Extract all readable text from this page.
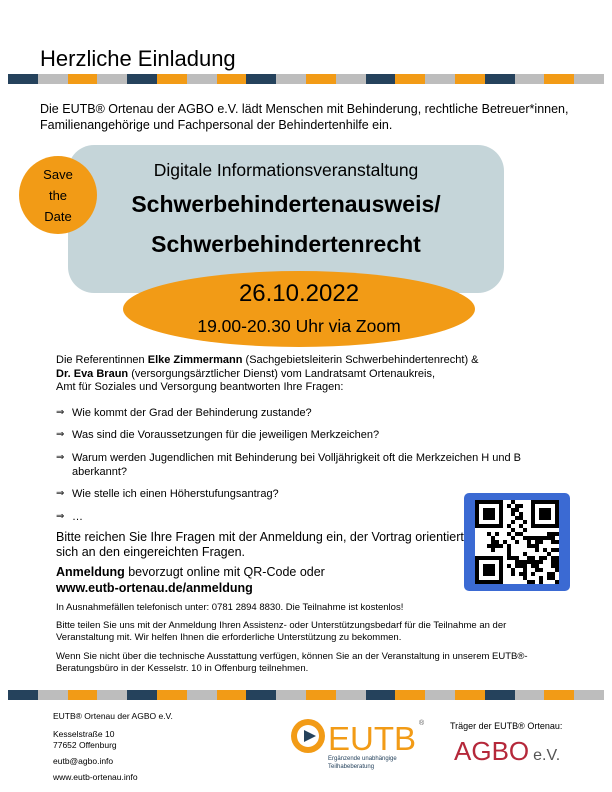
Herzliche Einladung

Die EUTB® Ortenau der AGBO e.V. lädt Menschen mit Behinderung, rechtliche Betreuer*innen, Familienangehörige und Fachpersonal der Behindertenhilfe ein.

Digitale Informationsveranstaltung
Schwerbehindertenausweis/
Schwerbehindertenrecht
Save
the
Date
26.10.2022
19.00-20.30 Uhr via Zoom
Die Referentinnen Elke Zimmermann (Sachgebietsleiterin Schwerbehindertenrecht) &
Dr. Eva Braun (versorgungsärztlicher Dienst) vom Landratsamt Ortenaukreis,
Amt für Soziales und Versorgung beantworten Ihre Fragen:
⇒ Wie kommt der Grad der Behinderung zustande?
⇒ Was sind die Voraussetzungen für die jeweiligen Merkzeichen?
⇒ Warum werden Jugendlichen mit Behinderung bei Volljährigkeit oft die Merkzeichen H und B aberkannt?
⇒ Wie stelle ich einen Höherstufungsantrag?
⇒ …

Bitte reichen Sie Ihre Fragen mit der Anmeldung ein, der Vortrag orientiert sich an den eingereichten Fragen.

Anmeldung bevorzugt online mit QR-Code oder
www.eutb-ortenau.de/anmeldung

In Ausnahmefällen telefonisch unter: 0781 2894 8830. Die Teilnahme ist kostenlos!

Bitte teilen Sie uns mit der Anmeldung Ihren Assistenz- oder Unterstützungsbedarf für die Teilnahme an der Veranstaltung mit. Wir helfen Ihnen die erforderliche Unterstützung zu bekommen.

Wenn Sie nicht über die technische Ausstattung verfügen, können Sie an der Veranstaltung in unserem EUTB®-Beratungsbüro in der Kesselstr. 10 in Offenburg teilnehmen.

EUTB® Ortenau der AGBO e.V.
Kesselstraße 10
77652 Offenburg
eutb@agbo.info
www.eutb-ortenau.info
EUTB ®
Ergänzende unabhängige
Teilhabeberatung
Träger der EUTB® Ortenau:
AGBO e.V.
